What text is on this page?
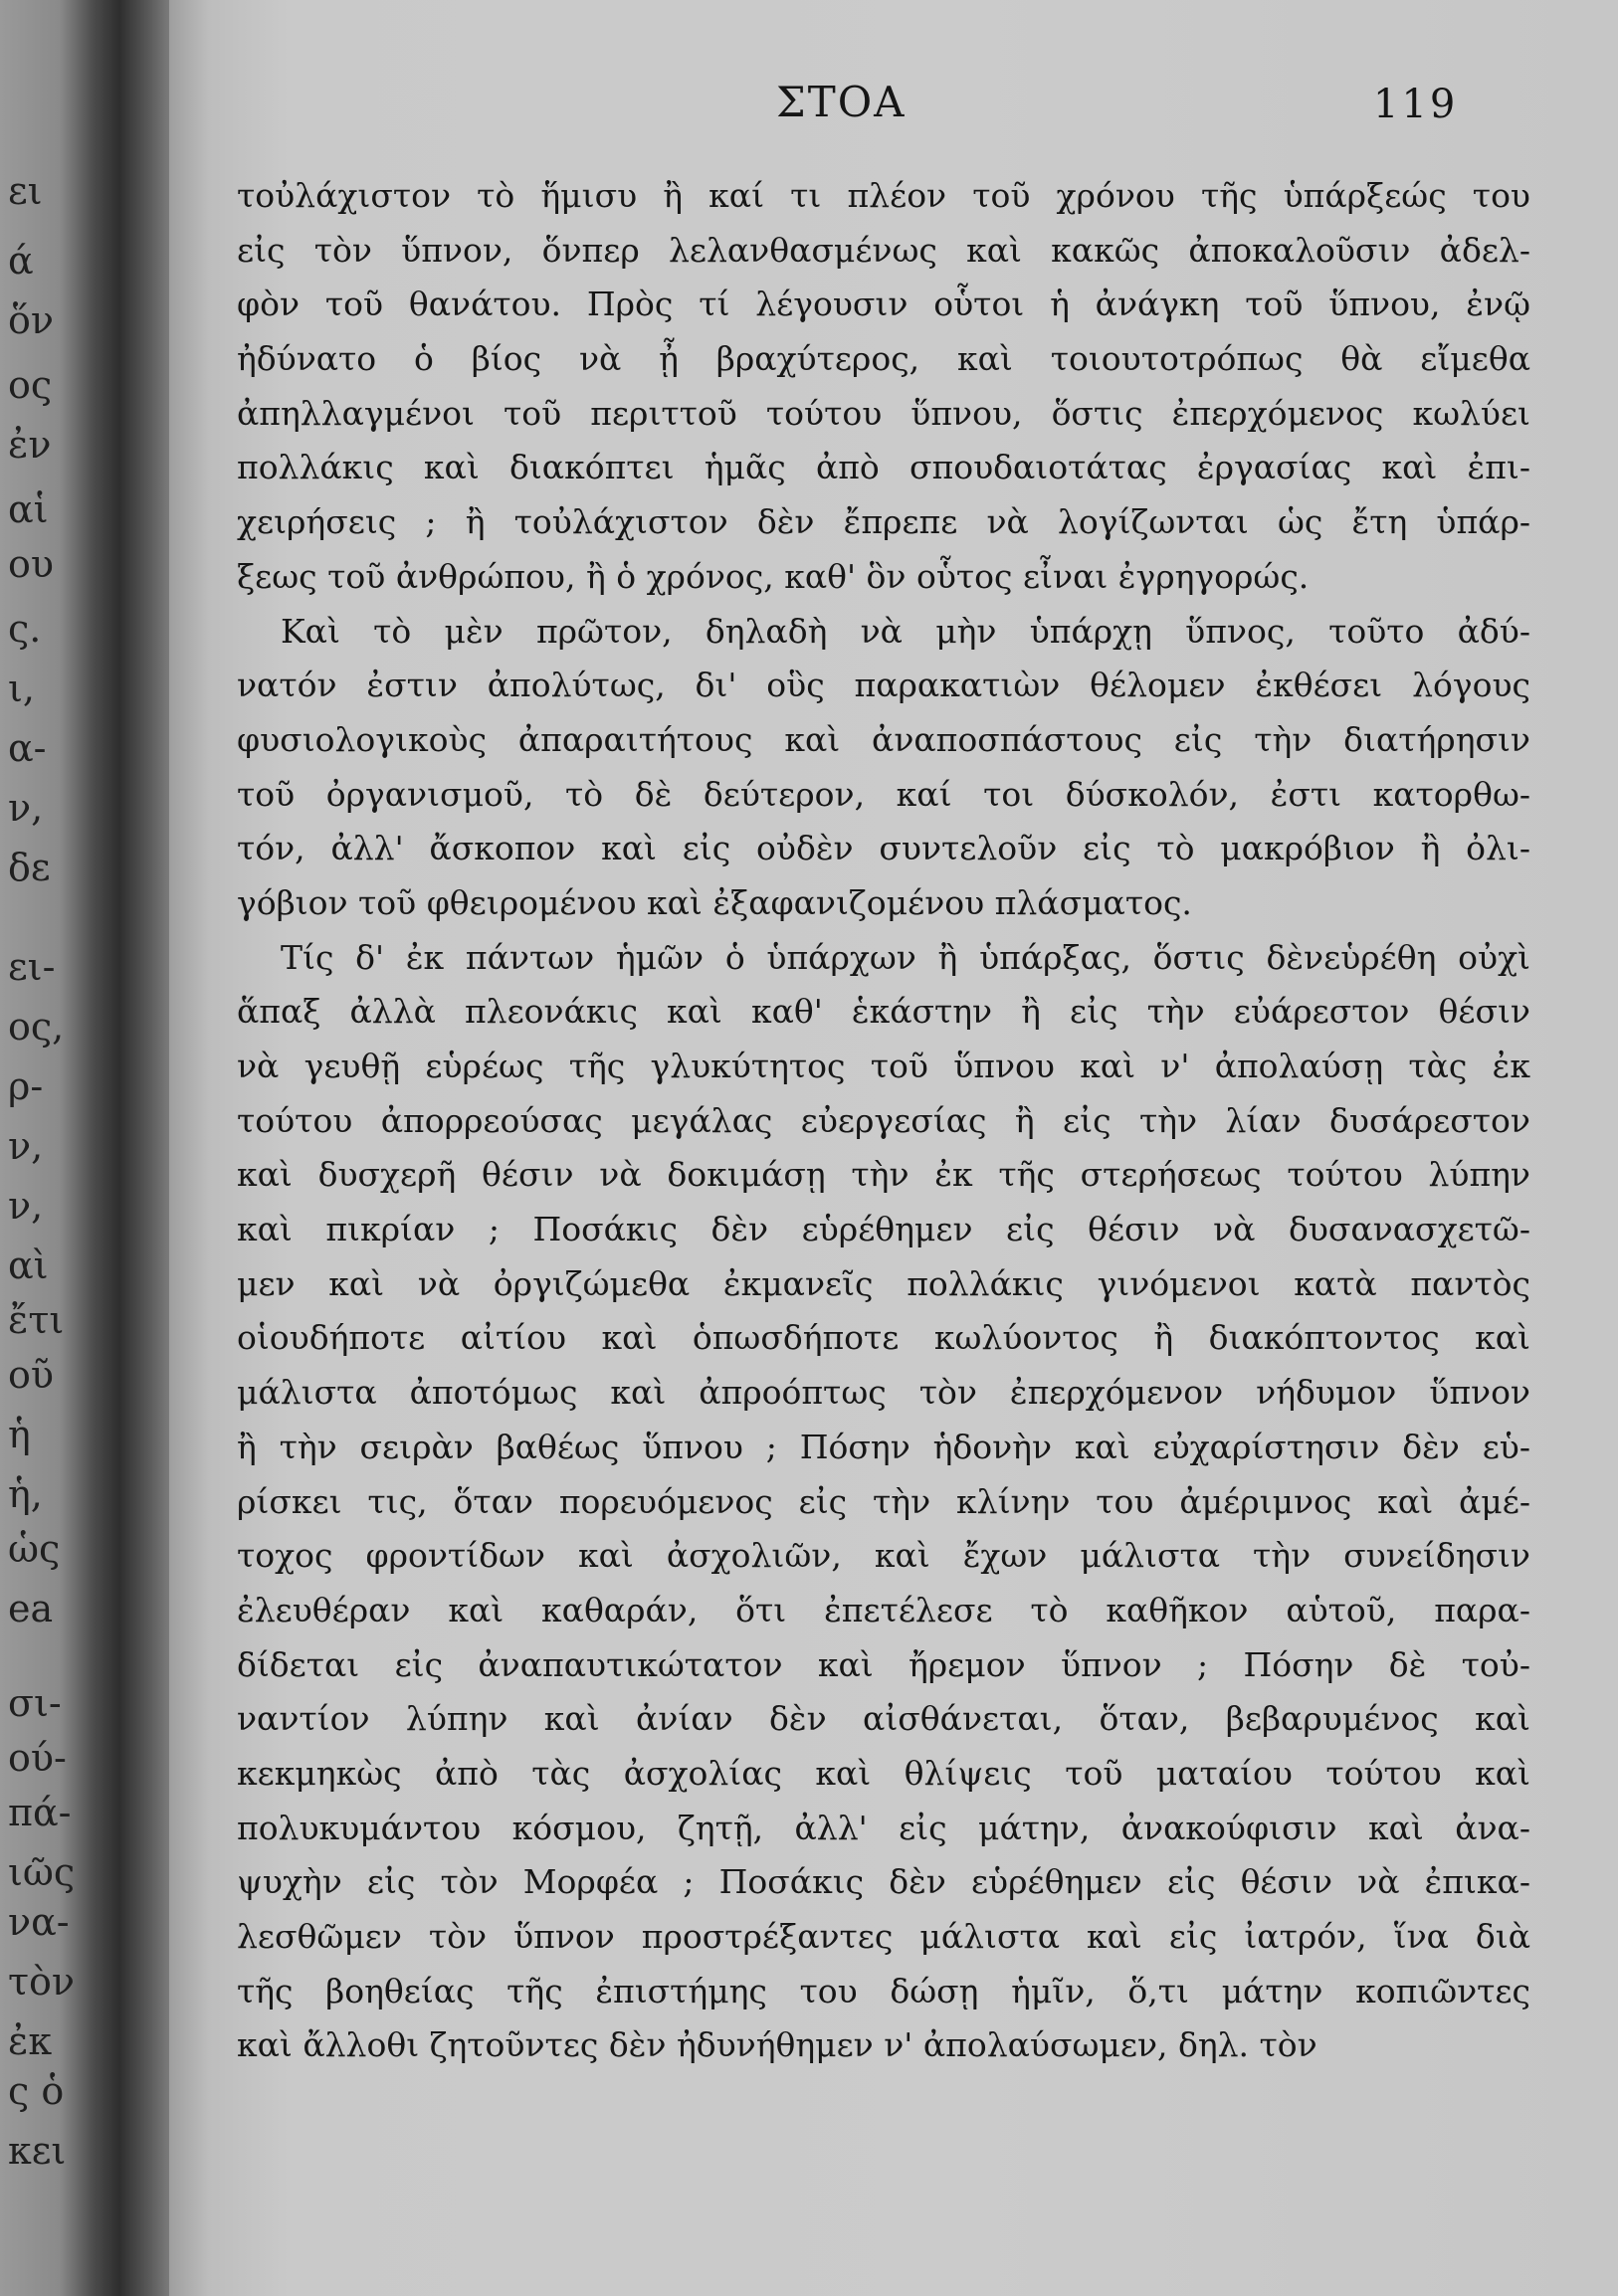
ει
ά
ὅν
ος
ἐν
αἱ
ου
ς.
ι,
α-
ν,
δε
ει-
ος,
ρ-
ν,
ν,
αὶ
ἔτι
οῦ
ἡ
ἡ,
ὡς
ea
σι-
ού-
πά-
ιῶς
να-
τὸν
ἐκ
ς ὁ
κει
ΣΤΟΑ	119
τοὐλάχιστον τὸ ἥμισυ ἢ καί τι πλέον τοῦ χρόνου τῆς ὑπάρξεώς του
εἰς τὸν ὕπνον, ὅνπερ λελανθασμένως καὶ κακῶς ἀποκαλοῦσιν ἀδελ-
φὸν τοῦ θανάτου. Πρὸς τί λέγουσιν οὗτοι ἡ ἀνάγκη τοῦ ὕπνου, ἐνῷ
ἠδύνατο ὁ βίος νὰ ᾖ βραχύτερος, καὶ τοιουτοτρόπως θὰ εἴμεθα
ἀπηλλαγμένοι τοῦ περιττοῦ τούτου ὕπνου, ὅστις ἐπερχόμενος κωλύει
πολλάκις καὶ διακόπτει ἡμᾶς ἀπὸ σπουδαιοτάτας ἐργασίας καὶ ἐπι-
χειρήσεις ; ἢ τοὐλάχιστον δὲν ἔπρεπε νὰ λογίζωνται ὡς ἔτη ὑπάρ-
ξεως τοῦ ἀνθρώπου, ἢ ὁ χρόνος, καθ' ὃν οὗτος εἶναι ἐγρηγορώς.
Καὶ τὸ μὲν πρῶτον, δηλαδὴ νὰ μὴν ὑπάρχῃ ὕπνος, τοῦτο ἀδύ-
νατόν ἐστιν ἀπολύτως, δι' οὓς παρακατιὼν θέλομεν ἐκθέσει λόγους
φυσιολογικοὺς ἀπαραιτήτους καὶ ἀναποσπάστους εἰς τὴν διατήρησιν
τοῦ ὀργανισμοῦ, τὸ δὲ δεύτερον, καί τοι δύσκολόν, ἐστι κατορθω-
τόν, ἀλλ' ἄσκοπον καὶ εἰς οὐδὲν συντελοῦν εἰς τὸ μακρόβιον ἢ ὀλι-
γόβιον τοῦ φθειρομένου καὶ ἐξαφανιζομένου πλάσματος.
Τίς δ' ἐκ πάντων ἡμῶν ὁ ὑπάρχων ἢ ὑπάρξας, ὅστις δὲνεὑρέθη οὐχὶ
ἅπαξ ἀλλὰ πλεονάκις καὶ καθ' ἑκάστην ἢ εἰς τὴν εὐάρεστον θέσιν
νὰ γευθῇ εὑρέως τῆς γλυκύτητος τοῦ ὕπνου καὶ ν' ἀπολαύσῃ τὰς ἐκ
τούτου ἀπορρεούσας μεγάλας εὐεργεσίας ἢ εἰς τὴν λίαν δυσάρεστον
καὶ δυσχερῆ θέσιν νὰ δοκιμάσῃ τὴν ἐκ τῆς στερήσεως τούτου λύπην
καὶ πικρίαν ; Ποσάκις δὲν εὑρέθημεν εἰς θέσιν νὰ δυσανασχετῶ-
μεν καὶ νὰ ὀργιζώμεθα ἐκμανεῖς πολλάκις γινόμενοι κατὰ παντὸς
οἱουδήποτε αἰτίου καὶ ὁπωσδήποτε κωλύοντος ἢ διακόπτοντος καὶ
μάλιστα ἀποτόμως καὶ ἀπροόπτως τὸν ἐπερχόμενον νήδυμον ὕπνον
ἢ τὴν σειρὰν βαθέως ὕπνου ; Πόσην ἡδονὴν καὶ εὐχαρίστησιν δὲν εὑ-
ρίσκει τις, ὅταν πορευόμενος εἰς τὴν κλίνην του ἀμέριμνος καὶ ἀμέ-
τοχος φροντίδων καὶ ἀσχολιῶν, καὶ ἔχων μάλιστα τὴν συνείδησιν
ἐλευθέραν καὶ καθαράν, ὅτι ἐπετέλεσε τὸ καθῆκον αὑτοῦ, παρα-
δίδεται εἰς ἀναπαυτικώτατον καὶ ἤρεμον ὕπνον ; Πόσην δὲ τοὐ-
ναντίον λύπην καὶ ἀνίαν δὲν αἰσθάνεται, ὅταν, βεβαρυμένος καὶ
κεκμηκὼς ἀπὸ τὰς ἀσχολίας καὶ θλίψεις τοῦ ματαίου τούτου καὶ
πολυκυμάντου κόσμου, ζητῇ, ἀλλ' εἰς μάτην, ἀνακούφισιν καὶ ἀνα-
ψυχὴν εἰς τὸν Μορφέα ; Ποσάκις δὲν εὑρέθημεν εἰς θέσιν νὰ ἐπικα-
λεσθῶμεν τὸν ὕπνον προστρέξαντες μάλιστα καὶ εἰς ἰατρόν, ἵνα διὰ
τῆς βοηθείας τῆς ἐπιστήμης του δώσῃ ἡμῖν, ὅ,τι μάτην κοπιῶντες
καὶ ἄλλοθι ζητοῦντες δὲν ἠδυνήθημεν ν' ἀπολαύσωμεν, δηλ. τὸν
